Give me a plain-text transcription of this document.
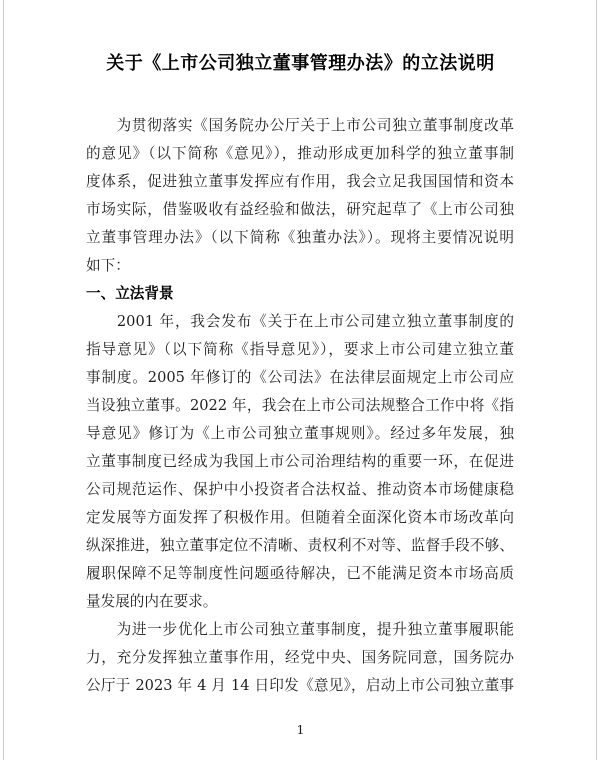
关于《上市公司独立董事管理办法》的立法说明
　　为贯彻落实《国务院办公厅关于上市公司独立董事制度改革
的意见》（以下简称《意见》），推动形成更加科学的独立董事制
度体系，促进独立董事发挥应有作用，我会立足我国国情和资本
市场实际，借鉴吸收有益经验和做法，研究起草了《上市公司独
立董事管理办法》（以下简称《独董办法》）。现将主要情况说明
如下：
一、立法背景
　　2001 年，我会发布《关于在上市公司建立独立董事制度的
指导意见》（以下简称《指导意见》），要求上市公司建立独立董
事制度。2005 年修订的《公司法》在法律层面规定上市公司应
当设独立董事。2022 年，我会在上市公司法规整合工作中将《指
导意见》修订为《上市公司独立董事规则》。经过多年发展，独
立董事制度已经成为我国上市公司治理结构的重要一环，在促进
公司规范运作、保护中小投资者合法权益、推动资本市场健康稳
定发展等方面发挥了积极作用。但随着全面深化资本市场改革向
纵深推进，独立董事定位不清晰、责权利不对等、监督手段不够、
履职保障不足等制度性问题亟待解决，已不能满足资本市场高质
量发展的内在要求。
　　为进一步优化上市公司独立董事制度，提升独立董事履职能
力，充分发挥独立董事作用，经党中央、国务院同意，国务院办
公厅于 2023 年 4 月 14 日印发《意见》，启动上市公司独立董事
1
